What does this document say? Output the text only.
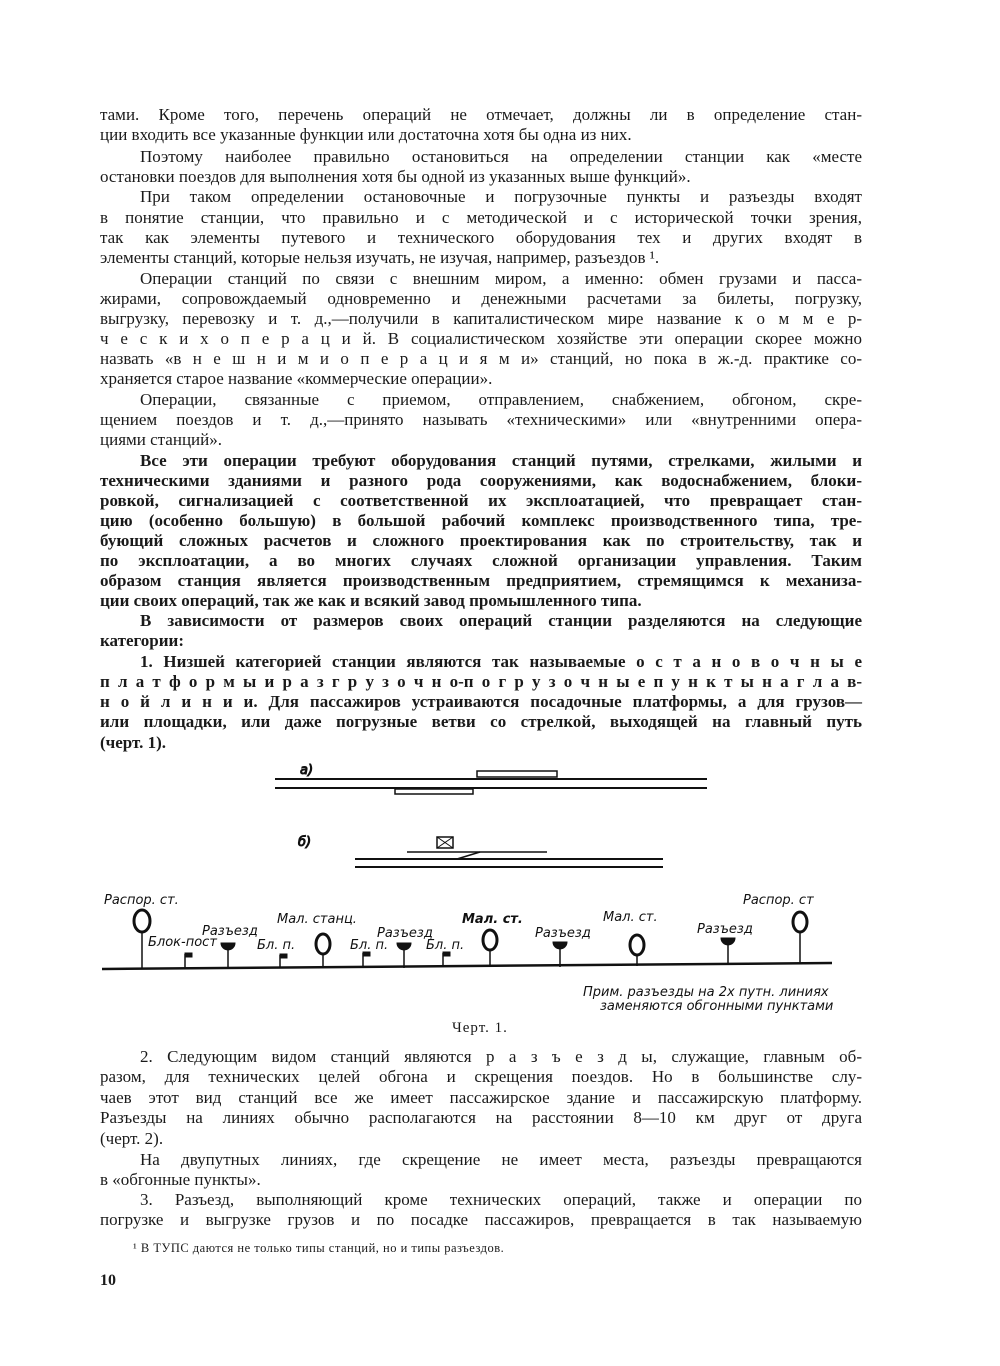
тами. Кроме того, перечень операций не отмечает, должны ли в определение стан-
ции входить все указанные функции или достаточна хотя бы одна из них.
Поэтому наиболее правильно остановиться на определении станции как «месте
остановки поездов для выполнения хотя бы одной из указанных выше функций».
При таком определении остановочные и погрузочные пункты и разъезды входят
в понятие станции, что правильно и с методической и с исторической точки зрения,
так как элементы путевого и технического оборудования тех и других входят в
элементы станций, которые нельзя изучать, не изучая, например, разъездов ¹.
Операции станций по связи с внешним миром, а именно: обмен грузами и пасса-
жирами, сопровождаемый одновременно и денежными расчетами за билеты, погрузку,
выгрузку, перевозку и т. д.,—получили в капиталистическом мире название к о м м е р-
ч е с к и х о п е р а ц и й. В социалистическом хозяйстве эти операции скорее можно
назвать «в н е ш н и м и о п е р а ц и я м и» станций, но пока в ж.-д. практике со-
храняется старое название «коммерческие операции».
Операции, связанные с приемом, отправлением, снабжением, обгоном, скре-
щением поездов и т. д.,—принято называть «техническими» или «внутренними опера-
циями станций».
Все эти операции требуют оборудования станций путями, стрелками, жилыми и
техническими зданиями и разного рода сооружениями, как водоснабжением, блоки-
ровкой, сигнализацией с соответственной их эксплоатацией, что превращает стан-
цию (особенно большую) в большой рабочий комплекс производственного типа, тре-
бующий сложных расчетов и сложного проектирования как по строительству, так и
по эксплоатации, а во многих случаях сложной организации управления. Таким
образом станция является производственным предприятием, стремящимся к механиза-
ции своих операций, так же как и всякий завод промышленного типа.
В зависимости от размеров своих операций станции разделяются на следующие
категории:
1. Низшей категорией станции являются так называемые о с т а н о в о ч н ы е
п л а т ф о р м ы и р а з г р у з о ч н о-п о г р у з о ч н ы е п у н к т ы н а г л а в-
н о й л и н и и. Для пассажиров устраиваются посадочные платформы, а для грузов—
или площадки, или даже погрузные ветви со стрелкой, выходящей на главный путь
(черт. 1).
2. Следующим видом станций являются р а з ъ е з д ы, служащие, главным об-
разом, для технических целей обгона и скрещения поездов. Но в большинстве слу-
чаев этот вид станций все же имеет пассажирское здание и пассажирскую платформу.
Разъезды на линиях обычно располагаются на расстоянии 8—10 км друг от друга
(черт. 2).
На двупутных линиях, где скрещение не имеет места, разъезды превращаются
в «обгонные пункты».
3. Разъезд, выполняющий кроме технических операций, также и операции по
погрузке и выгрузке грузов и по посадке пассажиров, превращается в так называемую
а)
б)
Распор. ст.
Блок-пост
Разъезд
Бл. п.
Мал. станц.
Бл. п.
Разъезд
Бл. п.
Мал. ст.
Разъезд
Мал. ст.
Разъезд
Распор. ст
Прим. разъезды на 2х путн. линиях
заменяются обгонными пунктами
Черт. 1.
¹ В ТУПС даются не только типы станций, но и типы разъездов.
10
